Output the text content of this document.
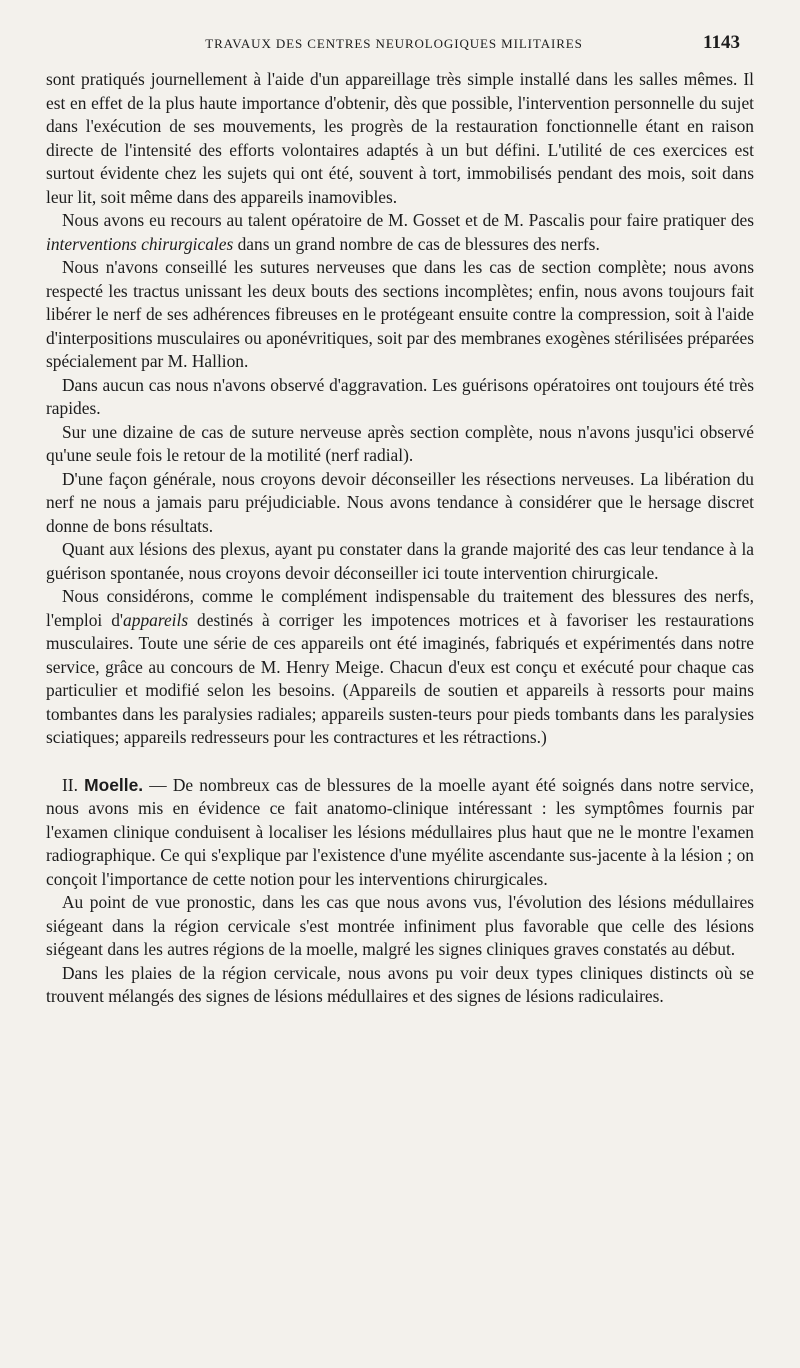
TRAVAUX DES CENTRES NEUROLOGIQUES MILITAIRES	1143

sont pratiqués journellement à l'aide d'un appareillage très simple installé dans les salles mêmes. Il est en effet de la plus haute importance d'obtenir, dès que possible, l'intervention personnelle du sujet dans l'exécution de ses mouvements, les progrès de la restauration fonctionnelle étant en raison directe de l'intensité des efforts volontaires adaptés à un but défini. L'utilité de ces exercices est surtout évidente chez les sujets qui ont été, souvent à tort, immobilisés pendant des mois, soit dans leur lit, soit même dans des appareils inamovibles.

Nous avons eu recours au talent opératoire de M. Gosset et de M. Pascalis pour faire pratiquer des interventions chirurgicales dans un grand nombre de cas de blessures des nerfs.

Nous n'avons conseillé les sutures nerveuses que dans les cas de section complète; nous avons respecté les tractus unissant les deux bouts des sections incomplètes; enfin, nous avons toujours fait libérer le nerf de ses adhérences fibreuses en le protégeant ensuite contre la compression, soit à l'aide d'interpositions musculaires ou aponévritiques, soit par des membranes exogènes stérilisées préparées spécialement par M. Hallion.

Dans aucun cas nous n'avons observé d'aggravation. Les guérisons opératoires ont toujours été très rapides.

Sur une dizaine de cas de suture nerveuse après section complète, nous n'avons jusqu'ici observé qu'une seule fois le retour de la motilité (nerf radial).

D'une façon générale, nous croyons devoir déconseiller les résections nerveuses. La libération du nerf ne nous a jamais paru préjudiciable. Nous avons tendance à considérer que le hersage discret donne de bons résultats.

Quant aux lésions des plexus, ayant pu constater dans la grande majorité des cas leur tendance à la guérison spontanée, nous croyons devoir déconseiller ici toute intervention chirurgicale.

Nous considérons, comme le complément indispensable du traitement des blessures des nerfs, l'emploi d'appareils destinés à corriger les impotences motrices et à favoriser les restaurations musculaires. Toute une série de ces appareils ont été imaginés, fabriqués et expérimentés dans notre service, grâce au concours de M. Henry Meige. Chacun d'eux est conçu et exécuté pour chaque cas particulier et modifié selon les besoins. (Appareils de soutien et appareils à ressorts pour mains tombantes dans les paralysies radiales; appareils susten-teurs pour pieds tombants dans les paralysies sciatiques; appareils redresseurs pour les contractures et les rétractions.)

II. Moelle. — De nombreux cas de blessures de la moelle ayant été soignés dans notre service, nous avons mis en évidence ce fait anatomo-clinique intéressant : les symptômes fournis par l'examen clinique conduisent à localiser les lésions médullaires plus haut que ne le montre l'examen radiographique. Ce qui s'explique par l'existence d'une myélite ascendante sus-jacente à la lésion ; on conçoit l'importance de cette notion pour les interventions chirurgicales.

Au point de vue pronostic, dans les cas que nous avons vus, l'évolution des lésions médullaires siégeant dans la région cervicale s'est montrée infiniment plus favorable que celle des lésions siégeant dans les autres régions de la moelle, malgré les signes cliniques graves constatés au début.

Dans les plaies de la région cervicale, nous avons pu voir deux types cliniques distincts où se trouvent mélangés des signes de lésions médullaires et des signes de lésions radiculaires.
